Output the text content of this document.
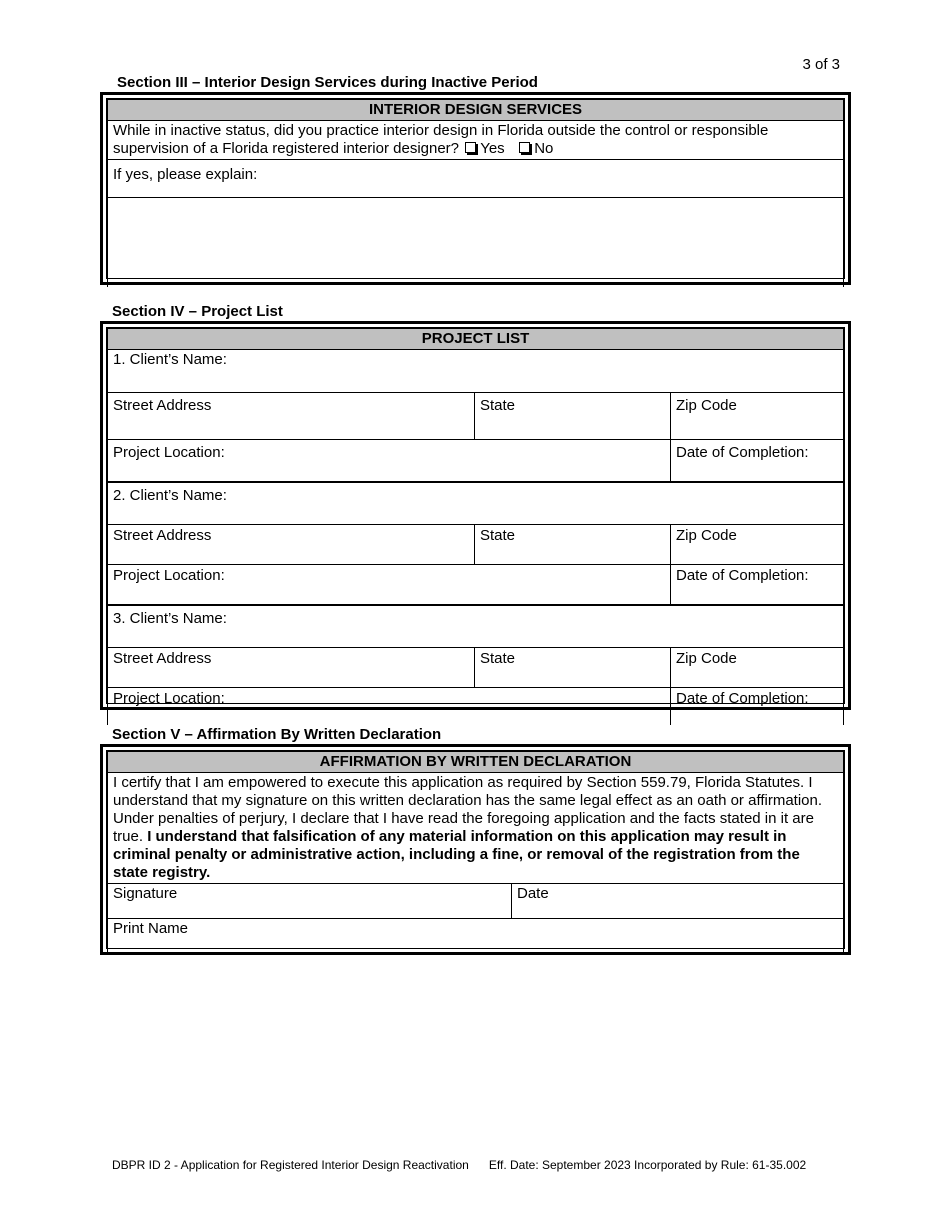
3 of 3
Section III – Interior Design Services during Inactive Period
INTERIOR DESIGN SERVICES
While in inactive status, did you practice interior design in Florida outside the control or responsible supervision of a Florida registered interior designer? Yes No
If yes, please explain:

Section IV – Project List
PROJECT LIST		
1. Client’s Name:		
Street Address	State	Zip Code
Project Location:		Date of Completion:
2. Client’s Name:		
Street Address	State	Zip Code
Project Location:		Date of Completion:
3. Client’s Name:		
Street Address	State	Zip Code
Project Location:		Date of Completion:
Section V – Affirmation By Written Declaration
AFFIRMATION BY WRITTEN DECLARATION
I certify that I am empowered to execute this application as required by Section 559.79, Florida Statutes. I understand that my signature on this written declaration has the same legal effect as an oath or affirmation. Under penalties of perjury, I declare that I have read the foregoing application and the facts stated in it are true. I understand that falsification of any material information on this application may result in criminal penalty or administrative action, including a fine, or removal of the registration from the state registry.
Signature	Date
Print Name
DBPR ID 2 - Application for Registered Interior Design Reactivation Eff. Date: September 2023 Incorporated by Rule: 61-35.002
